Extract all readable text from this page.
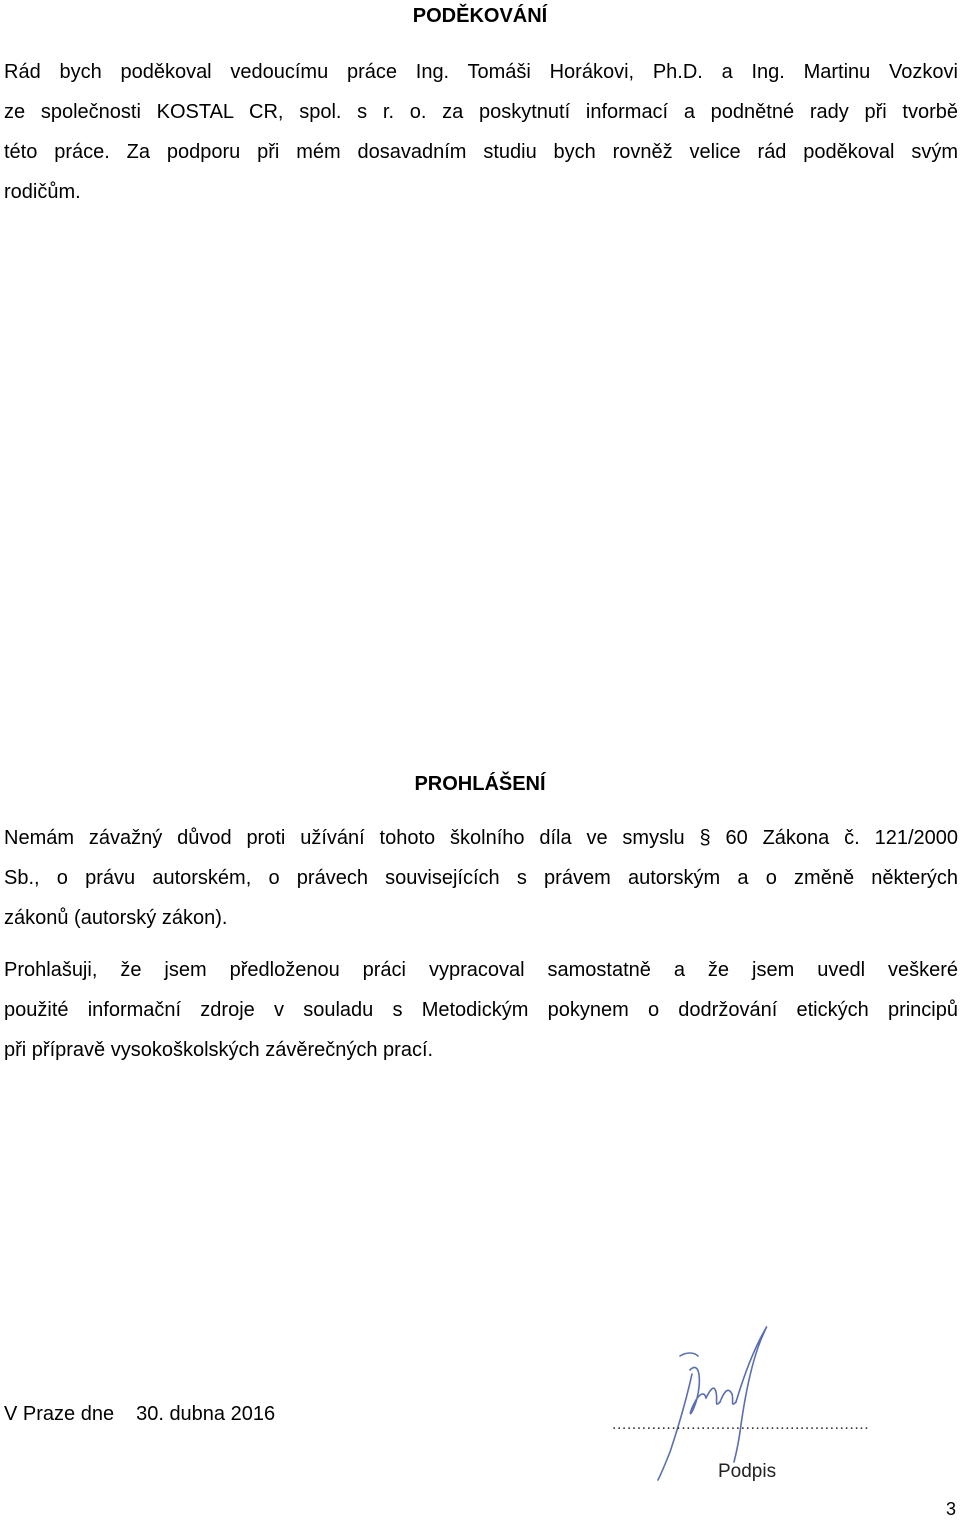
PODĚKOVÁNÍ
Rád bych poděkoval vedoucímu práce Ing. Tomáši Horákovi, Ph.D. a Ing. Martinu Vozkovi
ze společnosti KOSTAL CR, spol. s r. o. za poskytnutí informací a podnětné rady při tvorbě
této práce. Za podporu při mém dosavadním studiu bych rovněž velice rád poděkoval svým
rodičům.
PROHLÁŠENÍ
Nemám závažný důvod proti užívání tohoto školního díla ve smyslu § 60 Zákona č. 121/2000
Sb., o právu autorském, o právech souvisejících s právem autorským a o změně některých
zákonů (autorský zákon).
Prohlašuji, že jsem předloženou práci vypracoval samostatně a že jsem uvedl veškeré
použité informační zdroje v souladu s Metodickým pokynem o dodržování etických principů
při přípravě vysokoškolských závěrečných prací.
V Praze dne 30. dubna 2016	....................................................
Podpis
3
